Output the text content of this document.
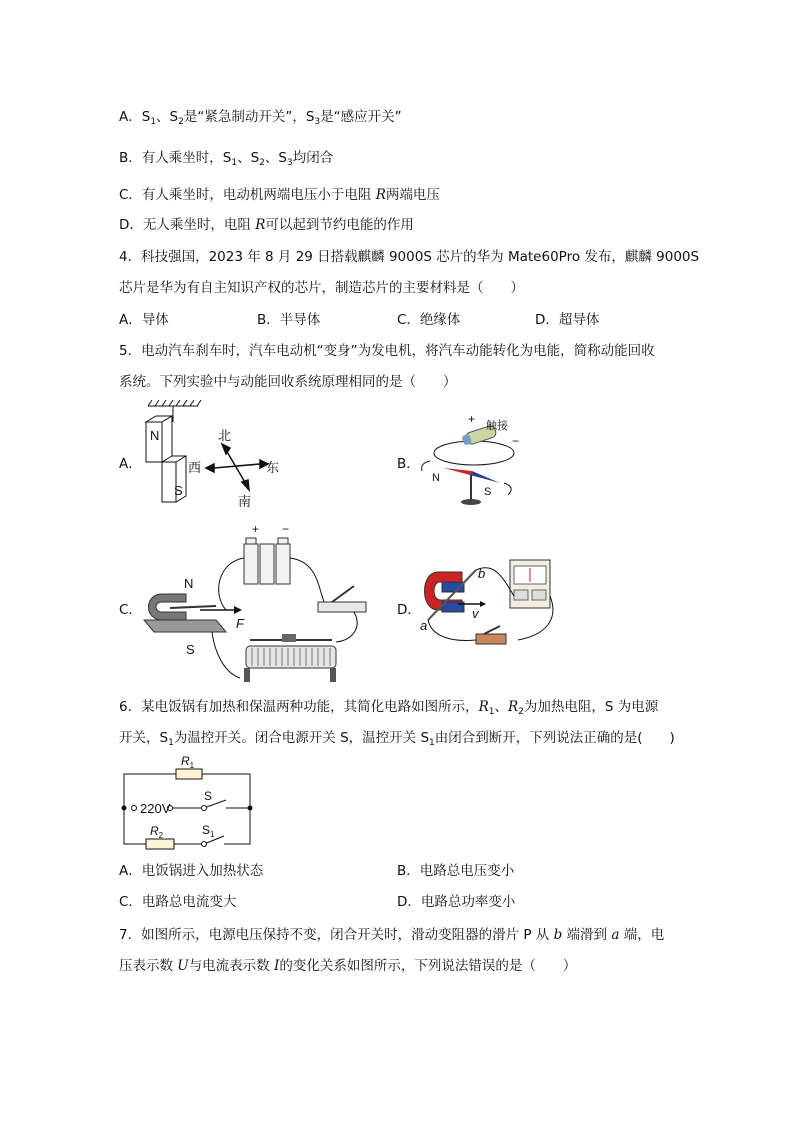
A．$S_1$、$S_2$是“紧急制动开关”，$S_3$是“感应开关”
B．有人乘坐时，$S_1$、$S_2$、$S_3$均闭合
C．有人乘坐时，电动机两端电压小于电阻 R两端电压
D．无人乘坐时，电阻 R可以起到节约电能的作用
4．科技强国，2023 年 8 月 29 日搭载麒麟 9000S 芯片的华为 Mate60Pro 发布，麒麟 9000S
芯片是华为有自主知识产权的芯片，制造芯片的主要材料是（　　）
A．导体	B．半导体	C．绝缘体	D．超导体
5．电动汽车刹车时，汽车电动机“变身”为发电机，将汽车动能转化为电能，简称动能回收
系统。下列实验中与动能回收系统原理相同的是（　　）
A．	B．
C．	D．
N
S
北
西	东
南
+ 触接
−
N
S
+ −
N
S
F	a
b
v
6．某电饭锅有加热和保温两种功能，其简化电路如图所示，$R_1$、$R_2$为加热电阻，S 为电源
开关，$S_1$为温控开关。闭合电源开关 S，温控开关 $S_1$由闭合到断开，下列说法正确的是(　　)
$R_1$
220V
S
$R_2$	$S_1$
A．电饭锅进入加热状态	B．电路总电压变小
C．电路总电流变大	D．电路总功率变小
7．如图所示，电源电压保持不变，闭合开关时，滑动变阻器的滑片 P 从 b 端滑到 a 端，电
压表示数 U与电流表示数 I的变化关系如图所示，下列说法错误的是（　　）
